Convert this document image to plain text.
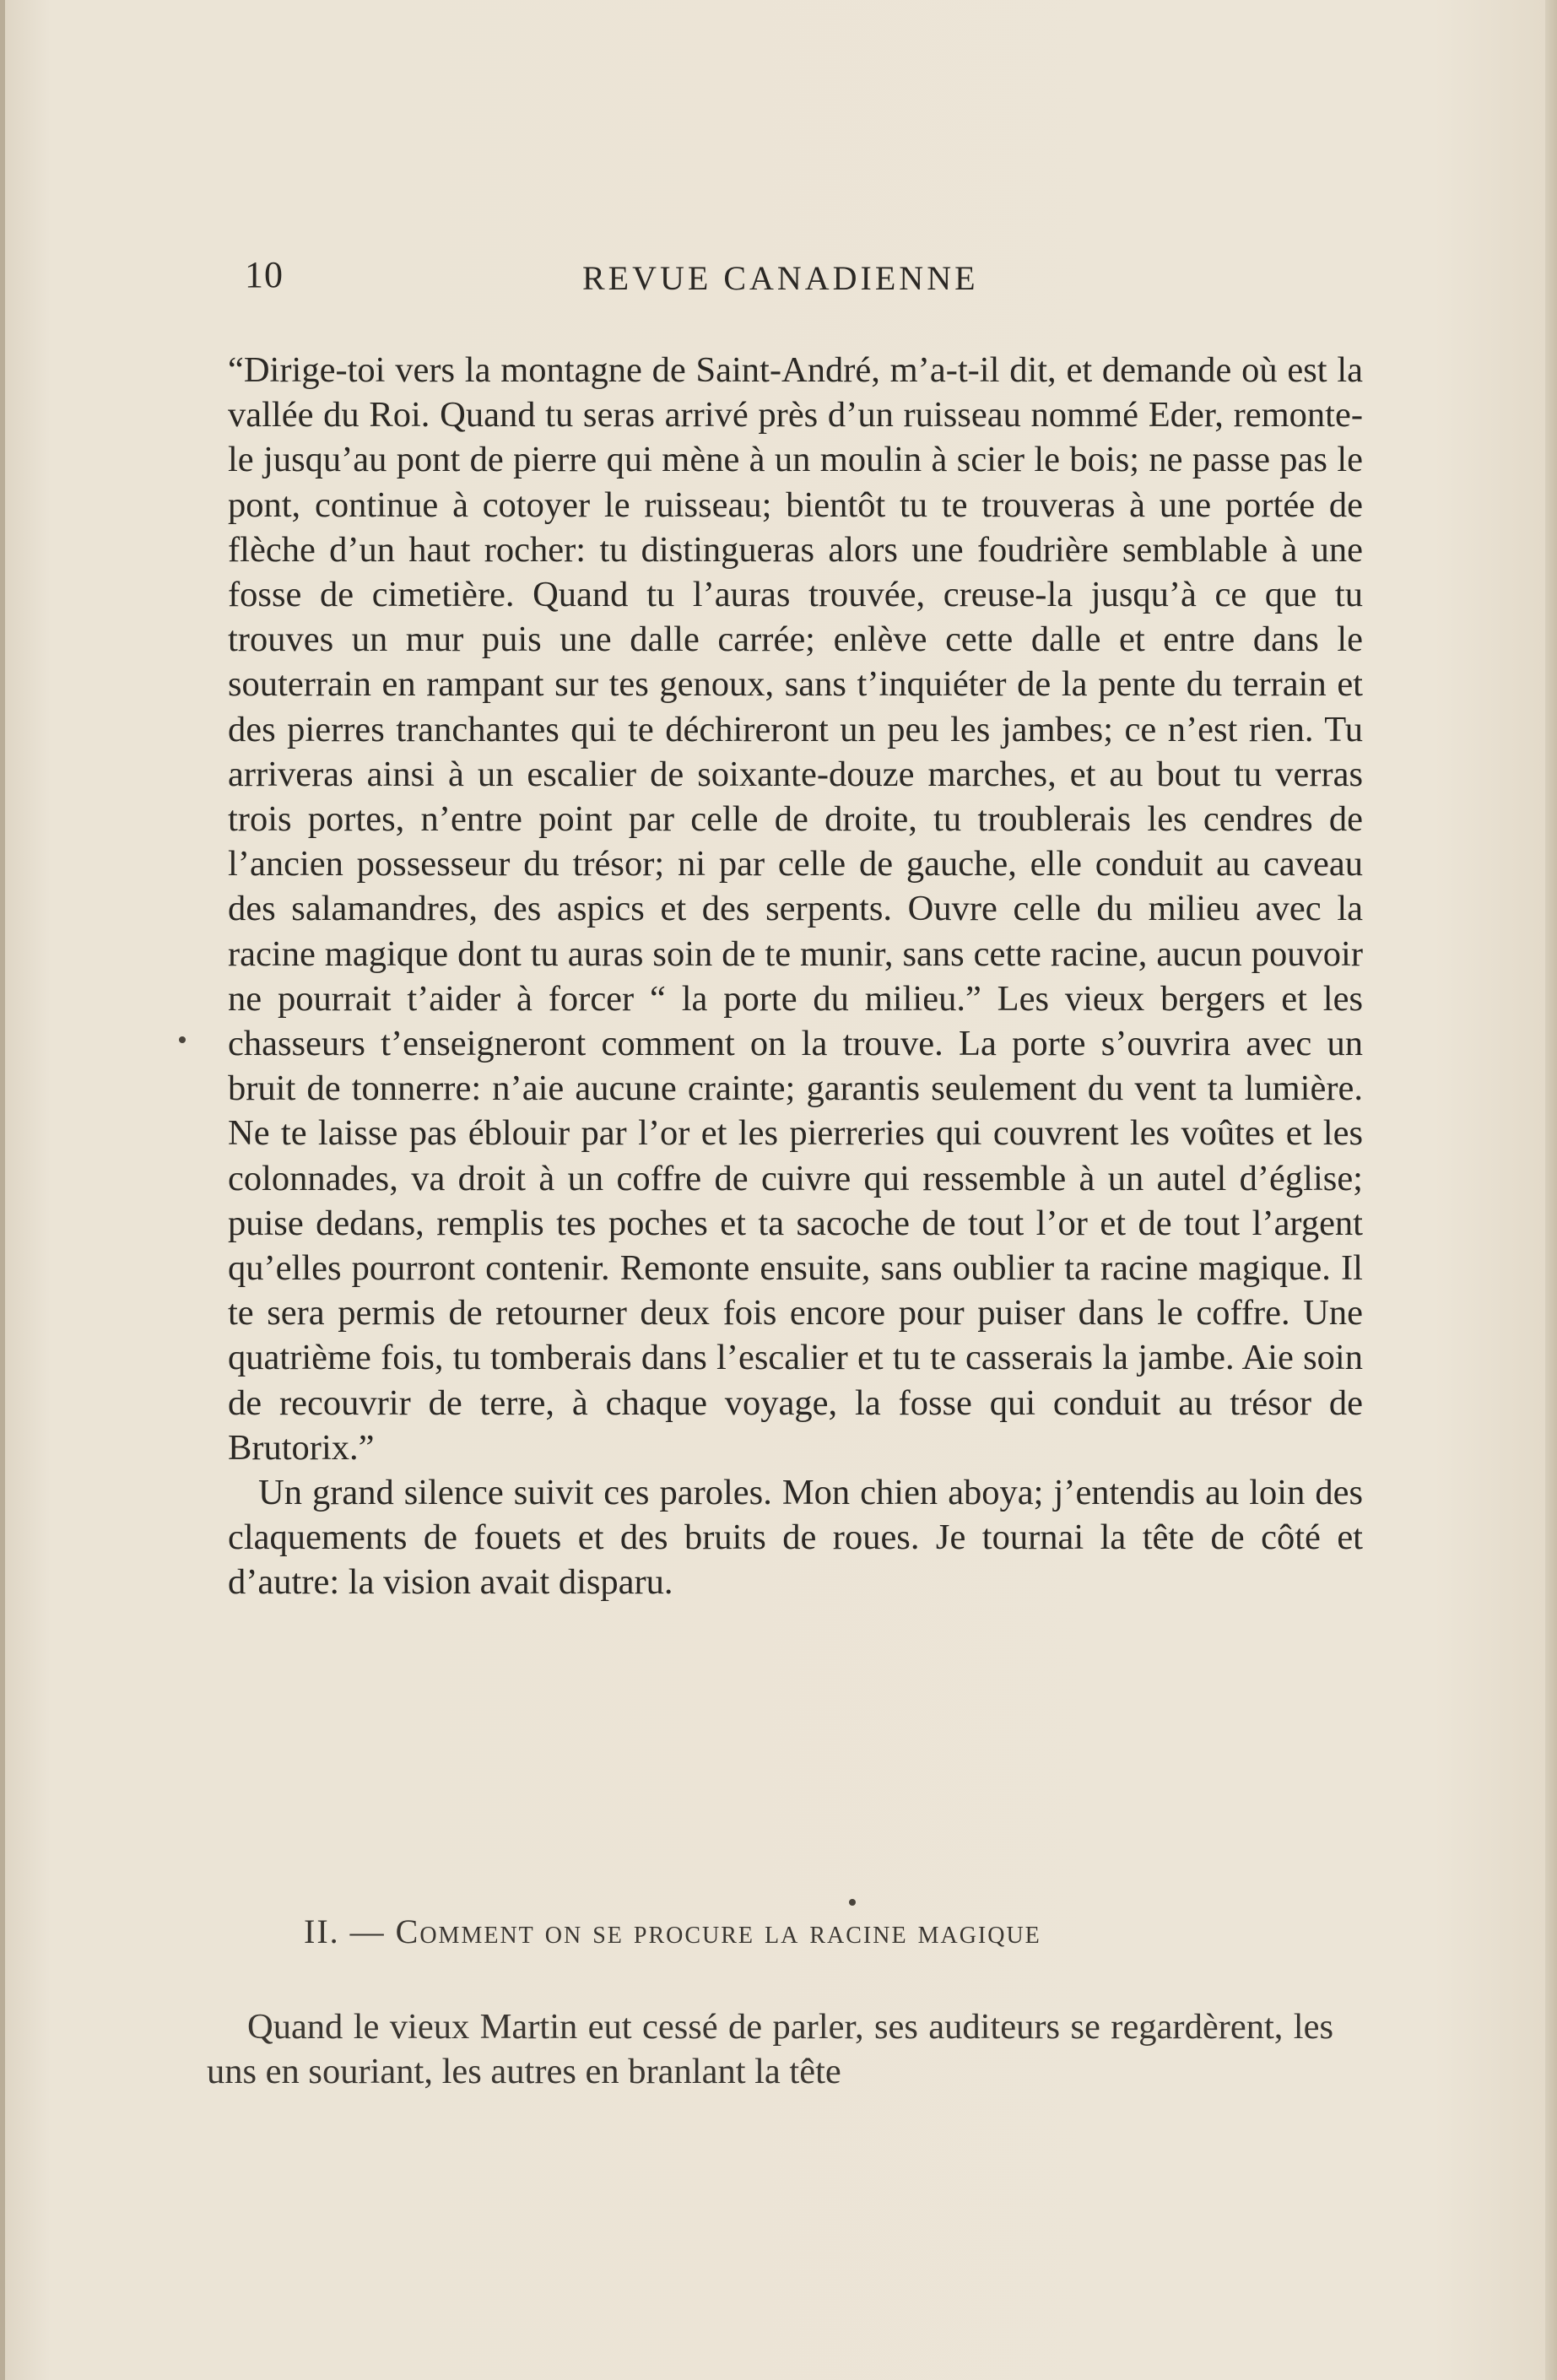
10	REVUE CANADIENNE

“Dirige-toi vers la montagne de Saint-André, m’a-t-il dit, et demande où est la vallée du Roi. Quand tu seras arrivé près d’un ruisseau nommé Eder, remonte-le jusqu’au pont de pierre qui mène à un moulin à scier le bois; ne passe pas le pont, continue à cotoyer le ruisseau; bientôt tu te trouveras à une portée de flèche d’un haut rocher: tu distingueras alors une foudrière semblable à une fosse de cimetière. Quand tu l’auras trouvée, creuse-la jusqu’à ce que tu trouves un mur puis une dalle carrée; enlève cette dalle et entre dans le souterrain en rampant sur tes genoux, sans t’inquiéter de la pente du terrain et des pierres tranchantes qui te déchireront un peu les jambes; ce n’est rien. Tu arriveras ainsi à un escalier de soixante-douze marches, et au bout tu verras trois portes, n’entre point par celle de droite, tu troublerais les cendres de l’ancien possesseur du trésor; ni par celle de gauche, elle conduit au caveau des salamandres, des aspics et des serpents. Ouvre celle du milieu avec la racine magique dont tu auras soin de te munir, sans cette racine, aucun pouvoir ne pourrait t’aider à forcer “ la porte du milieu.” Les vieux bergers et les chasseurs t’enseigneront comment on la trouve. La porte s’ouvrira avec un bruit de tonnerre: n’aie aucune crainte; garantis seulement du vent ta lumière. Ne te laisse pas éblouir par l’or et les pierreries qui couvrent les voûtes et les colonnades, va droit à un coffre de cuivre qui ressemble à un autel d’église; puise dedans, remplis tes poches et ta sacoche de tout l’or et de tout l’argent qu’elles pourront contenir. Remonte ensuite, sans oublier ta racine magique. Il te sera permis de retourner deux fois encore pour puiser dans le coffre. Une quatrième fois, tu tomberais dans l’escalier et tu te casserais la jambe. Aie soin de recouvrir de terre, à chaque voyage, la fosse qui conduit au trésor de Brutorix.”

Un grand silence suivit ces paroles. Mon chien aboya; j’entendis au loin des claquements de fouets et des bruits de roues. Je tournai la tête de côté et d’autre: la vision avait disparu.

II. — Comment on se procure la racine magique

Quand le vieux Martin eut cessé de parler, ses auditeurs se regardèrent, les uns en souriant, les autres en branlant la tête
